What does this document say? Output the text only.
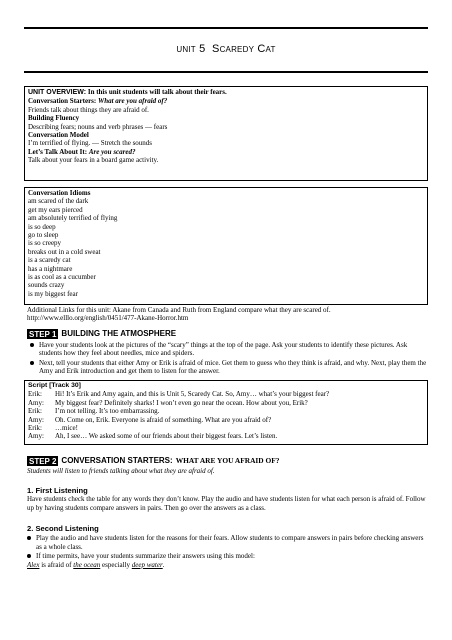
UNIT 5 SCAREDY CAT
UNIT OVERVIEW: In this unit students will talk about their fears.
Conversation Starters: What are you afraid of?
Friends talk about things they are afraid of.
Building Fluency
Describing fears; nouns and verb phrases — fears
Conversation Model
I’m terrified of flying. — Stretch the sounds
Let’s Talk About It: Are you scared?
Talk about your fears in a board game activity.
Conversation Idioms
am scared of the dark
get my ears pierced
am absolutely terrified of flying
is so deep
go to sleep
is so creepy
breaks out in a cold sweat
is a scaredy cat
has a nightmare
is as cool as a cucumber
sounds crazy
is my biggest fear
Additional Links for this unit: Akane from Canada and Ruth from England compare what they are scared of.
http://www.elllo.org/english/0451/477-Akane-Horror.htm
STEP 1 BUILDING THE ATMOSPHERE
Have your students look at the pictures of the “scary” things at the top of the page. Ask your students to identify these pictures. Ask students how they feel about needles, mice and spiders.
Next, tell your students that either Amy or Erik is afraid of mice. Get them to guess who they think is afraid, and why. Next, play them the Amy and Erik introduction and get them to listen for the answer.
Script [Track 30]
Erik:	Hi! It’s Erik and Amy again, and this is Unit 5, Scaredy Cat. So, Amy… what’s your biggest fear?
Amy:	My biggest fear? Definitely sharks! I won’t even go near the ocean. How about you, Erik?
Erik:	I’m not telling. It’s too embarrassing.
Amy:	Oh. Come on, Erik. Everyone is afraid of something. What are you afraid of?
Erik:	…mice!
Amy:	Ah, I see… We asked some of our friends about their biggest fears. Let’s listen.
STEP 2 CONVERSATION STARTERS: WHAT ARE YOU AFRAID OF?
Students will listen to friends talking about what they are afraid of.
1. First Listening
Have students check the table for any words they don’t know. Play the audio and have students listen for what each person is afraid of. Follow up by having students compare answers in pairs. Then go over the answers as a class.
2. Second Listening
Play the audio and have students listen for the reasons for their fears. Allow students to compare answers in pairs before checking answers as a whole class.
If time permits, have your students summarize their answers using this model:
Alex is afraid of the ocean especially deep water.
